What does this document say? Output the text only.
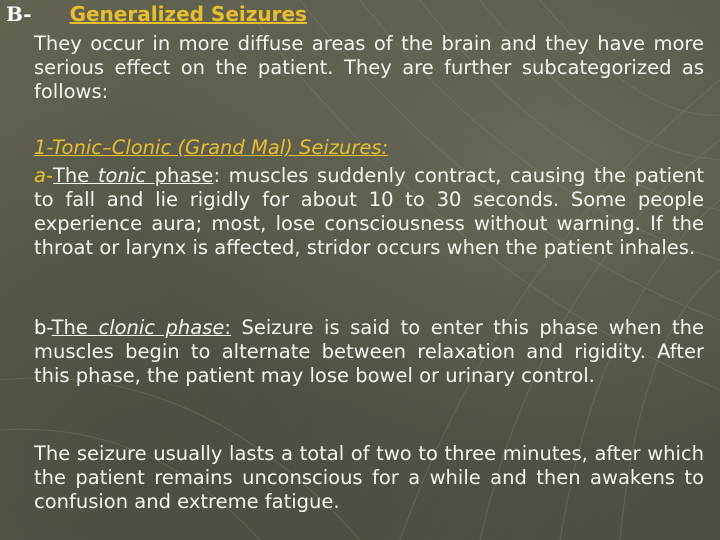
B- Generalized Seizures
They occur in more diffuse areas of the brain and they have more serious effect on the patient. They are further subcategorized as follows:
1-Tonic–Clonic (Grand Mal) Seizures:
a-The tonic phase: muscles suddenly contract, causing the patient to fall and lie rigidly for about 10 to 30 seconds. Some people experience aura; most, lose consciousness without warning. If the throat or larynx is affected, stridor occurs when the patient inhales.
b-The clonic phase: Seizure is said to enter this phase when the muscles begin to alternate between relaxation and rigidity. After this phase, the patient may lose bowel or urinary control.
The seizure usually lasts a total of two to three minutes, after which the patient remains unconscious for a while and then awakens to confusion and extreme fatigue.
